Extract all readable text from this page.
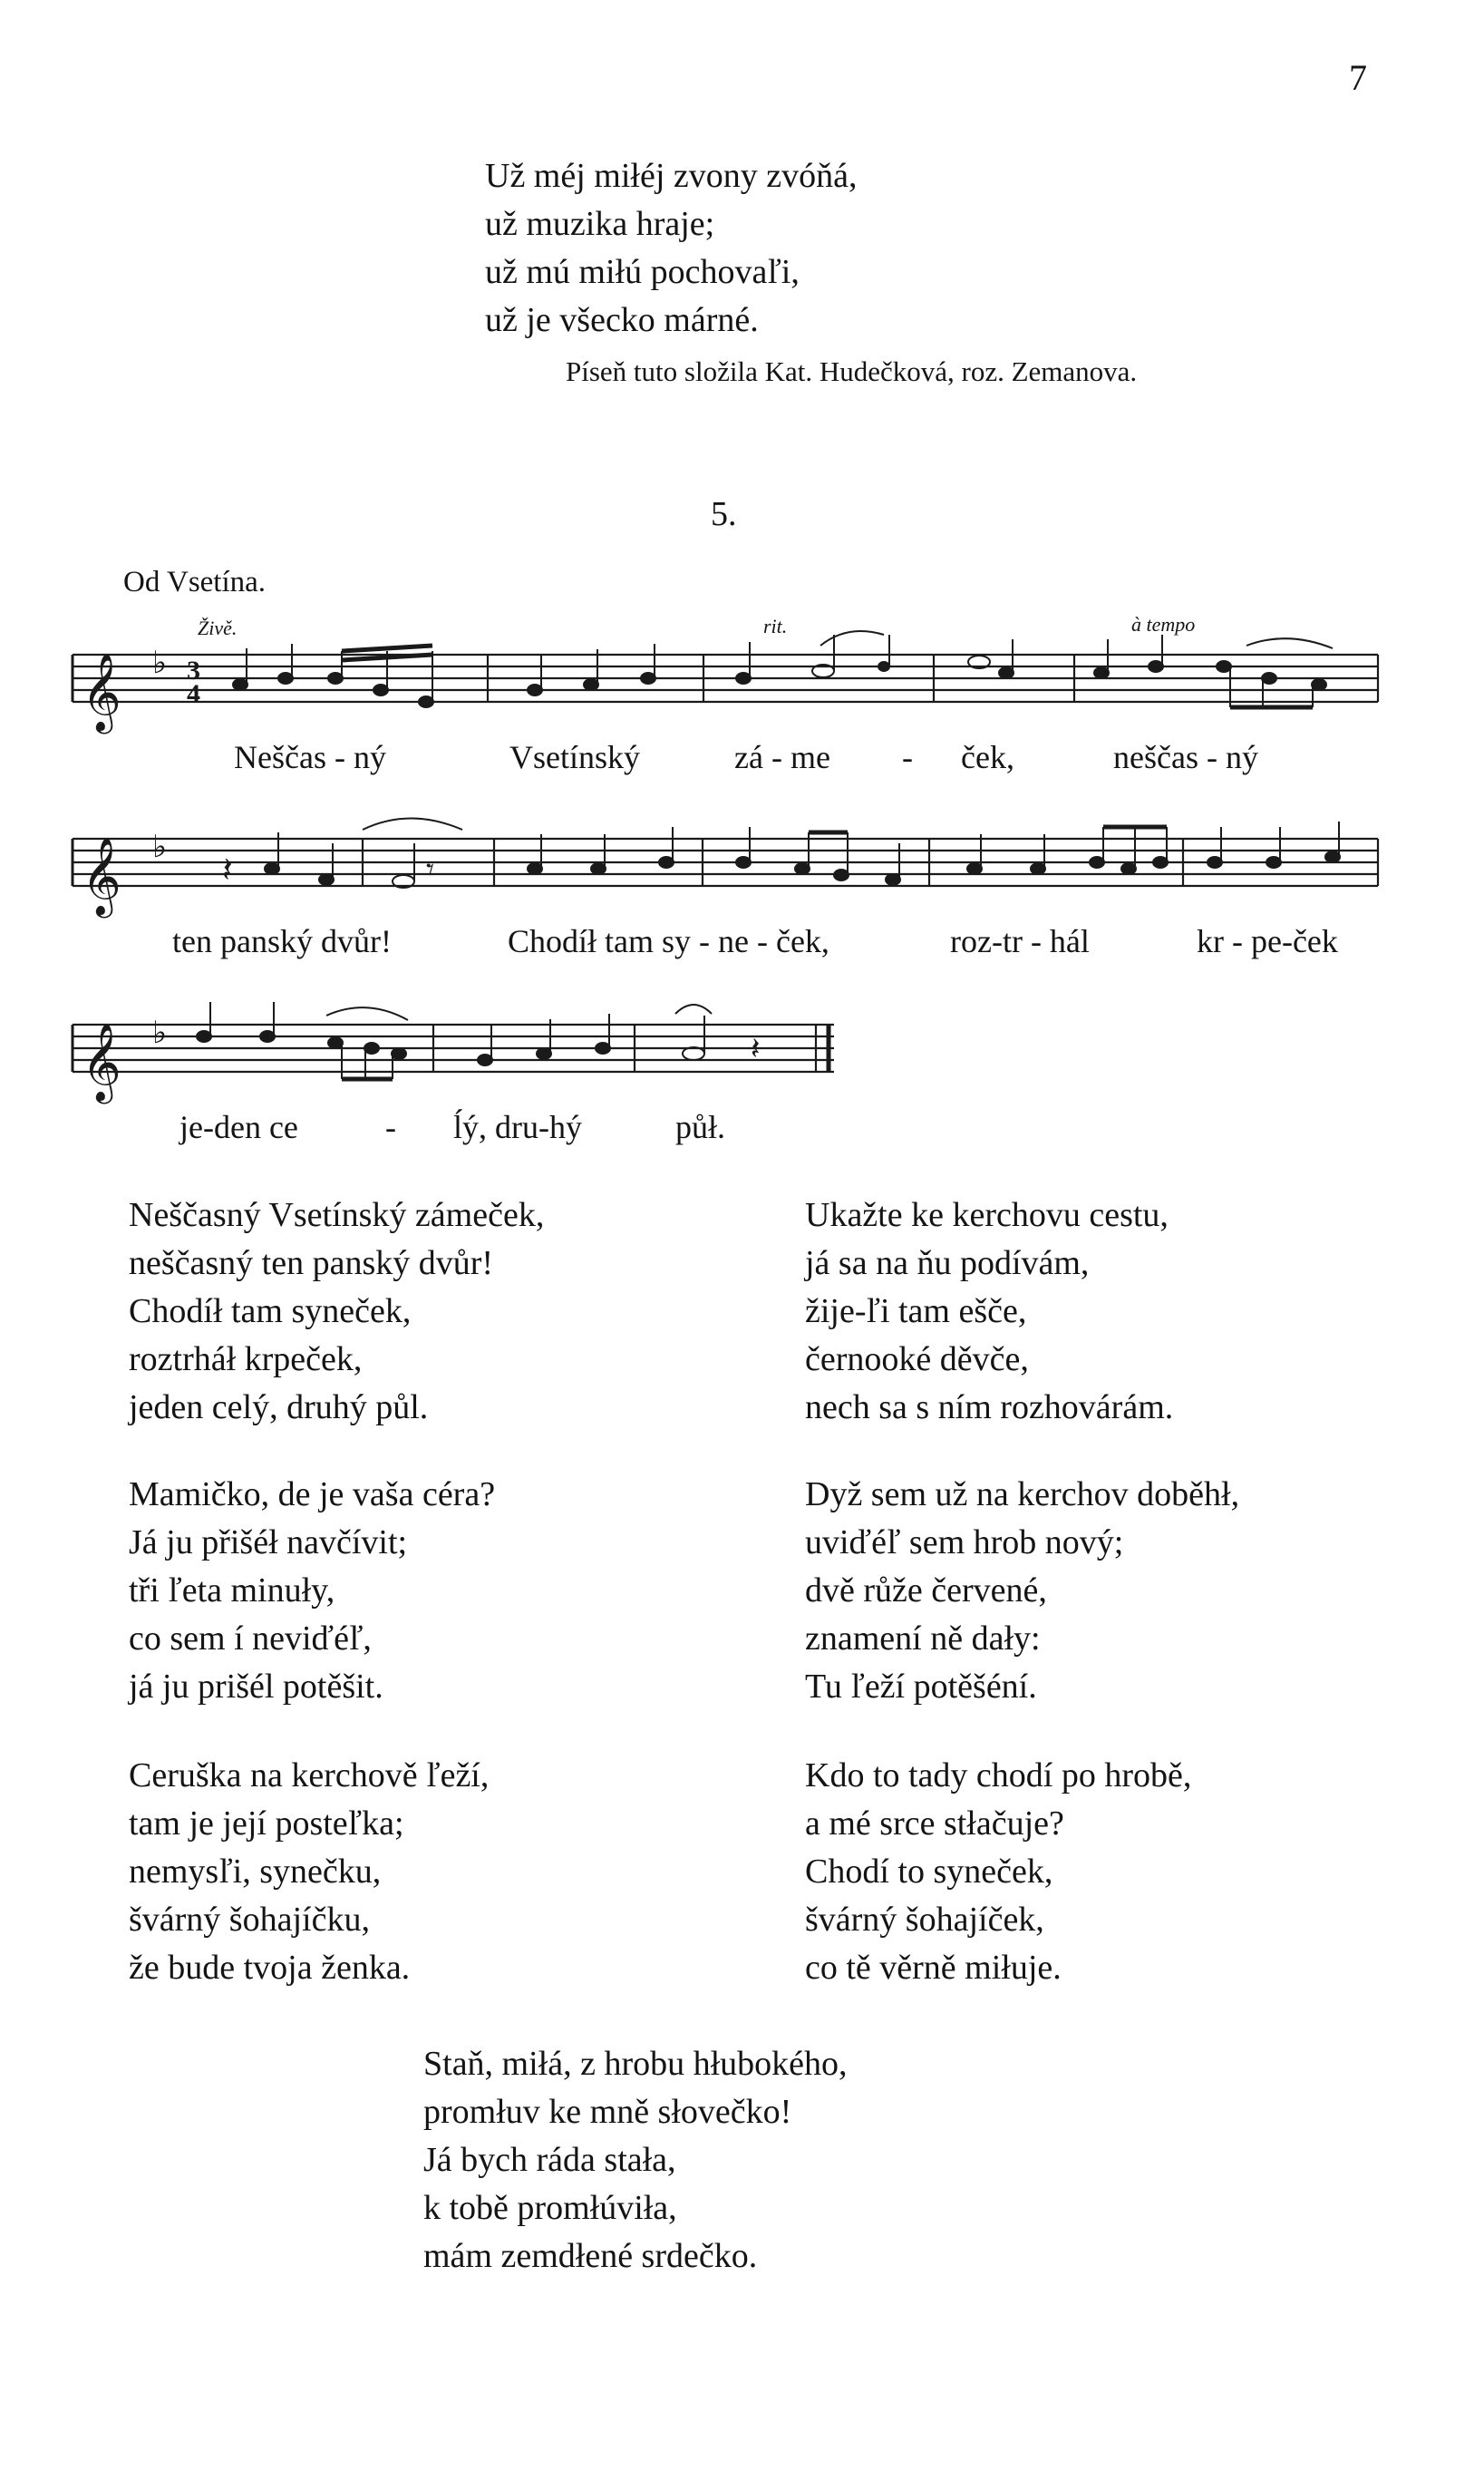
7
Už méj miłéj zvony zvóňá,
už muzika hraje;
už mú miłú pochovaľi,
už je všecko márné.
Píseň tuto složila Kat. Hudečková, roz. Zemanova.
5.
Od Vsetína.
Živě.	rit.	à tempo
𝄞
𝄞
𝄞
♭
♭
♭
3
4
𝄽	𝄾
𝄽
Neščas - ný	Vsetínský	zá - me - ček,	neščas - ný
ten panský dvůr!	Chodíł tam sy - ne - ček,	roz-tr - hál	kr - pe-ček
je-den ce	- ĺý, dru-hý	půł.
Neščasný Vsetínský zámeček,
neščasný ten panský dvůr!
Chodíł tam syneček,
roztrháł krpeček,
jeden celý, druhý půl.
Mamičko, de je vaša céra?
Já ju přišéł navčívit;
tři ľeta minuły,
co sem í neviďéľ,
já ju prišél potěšit.
Ceruška na kerchově ľeží,
tam je její posteľka;
nemysľi, synečku,
švárný šohajíčku,
že bude tvoja ženka.
Ukažte ke kerchovu cestu,
já sa na ňu podívám,
žije-ľi tam ešče,
černooké děvče,
nech sa s ním rozhovárám.
Dyž sem už na kerchov doběhł,
uviďéľ sem hrob nový;
dvě růže červené,
znamení ně dały:
Tu ľeží potěšéní.
Kdo to tady chodí po hrobě,
a mé srce stłačuje?
Chodí to syneček,
švárný šohajíček,
co tě věrně miłuje.
Staň, miłá, z hrobu hłubokého,
promłuv ke mně słovečko!
Já bych ráda stała,
k tobě promłúviła,
mám zemdłené srdečko.
